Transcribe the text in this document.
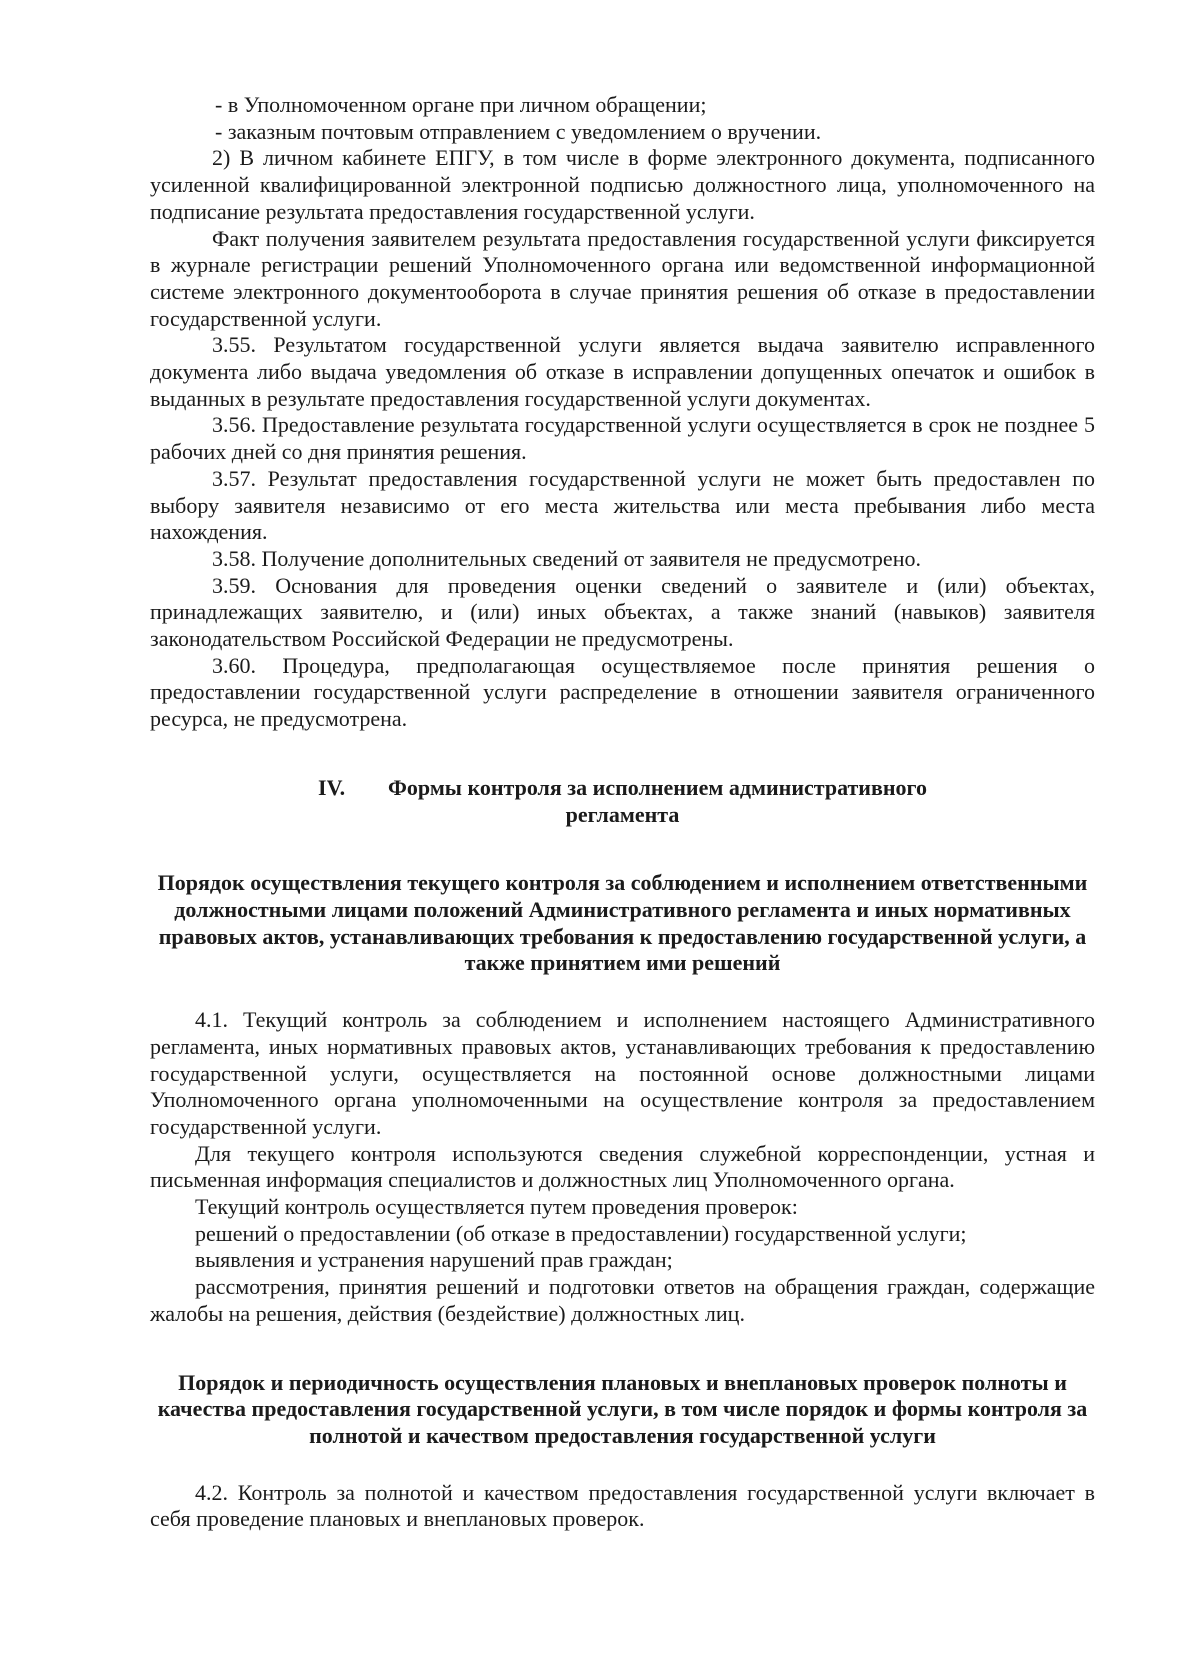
- в Уполномоченном органе при личном обращении;

- заказным почтовым отправлением с уведомлением о вручении.

2) В личном кабинете ЕПГУ, в том числе в форме электронного документа, подписанного усиленной квалифицированной электронной подписью должностного лица, уполномоченного на подписание результата предоставления государственной услуги.

Факт получения заявителем результата предоставления государственной услуги фиксируется в журнале регистрации решений Уполномоченного органа или ведомственной информационной системе электронного документооборота в случае принятия решения об отказе в предоставлении государственной услуги.

3.55. Результатом государственной услуги является выдача заявителю исправленного документа либо выдача уведомления об отказе в исправлении допущенных опечаток и ошибок в выданных в результате предоставления государственной услуги документах.

3.56. Предоставление результата государственной услуги осуществляется в срок не позднее 5 рабочих дней со дня принятия решения.

3.57. Результат предоставления государственной услуги не может быть предоставлен по выбору заявителя независимо от его места жительства или места пребывания либо места нахождения.

3.58. Получение дополнительных сведений от заявителя не предусмотрено.

3.59. Основания для проведения оценки сведений о заявителе и (или) объектах, принадлежащих заявителю, и (или) иных объектах, а также знаний (навыков) заявителя законодательством Российской Федерации не предусмотрены.

3.60. Процедура, предполагающая осуществляемое после принятия решения о предоставлении государственной услуги распределение в отношении заявителя ограниченного ресурса, не предусмотрена.

IV. Формы контроля за исполнением административного
регламента
Порядок осуществления текущего контроля за соблюдением и исполнением ответственными должностными лицами положений Административного регламента и иных нормативных правовых актов, устанавливающих требования к предоставлению государственной услуги, а также принятием ими решений

4.1. Текущий контроль за соблюдением и исполнением настоящего Административного регламента, иных нормативных правовых актов, устанавливающих требования к предоставлению государственной услуги, осуществляется на постоянной основе должностными лицами Уполномоченного органа уполномоченными на осуществление контроля за предоставлением государственной услуги.

Для текущего контроля используются сведения служебной корреспонденции, устная и письменная информация специалистов и должностных лиц Уполномоченного органа.

Текущий контроль осуществляется путем проведения проверок:

решений о предоставлении (об отказе в предоставлении) государственной услуги;

выявления и устранения нарушений прав граждан;

рассмотрения, принятия решений и подготовки ответов на обращения граждан, содержащие жалобы на решения, действия (бездействие) должностных лиц.

Порядок и периодичность осуществления плановых и внеплановых проверок полноты и качества предоставления государственной услуги, в том числе порядок и формы контроля за полнотой и качеством предоставления государственной услуги

4.2. Контроль за полнотой и качеством предоставления государственной услуги включает в себя проведение плановых и внеплановых проверок.
